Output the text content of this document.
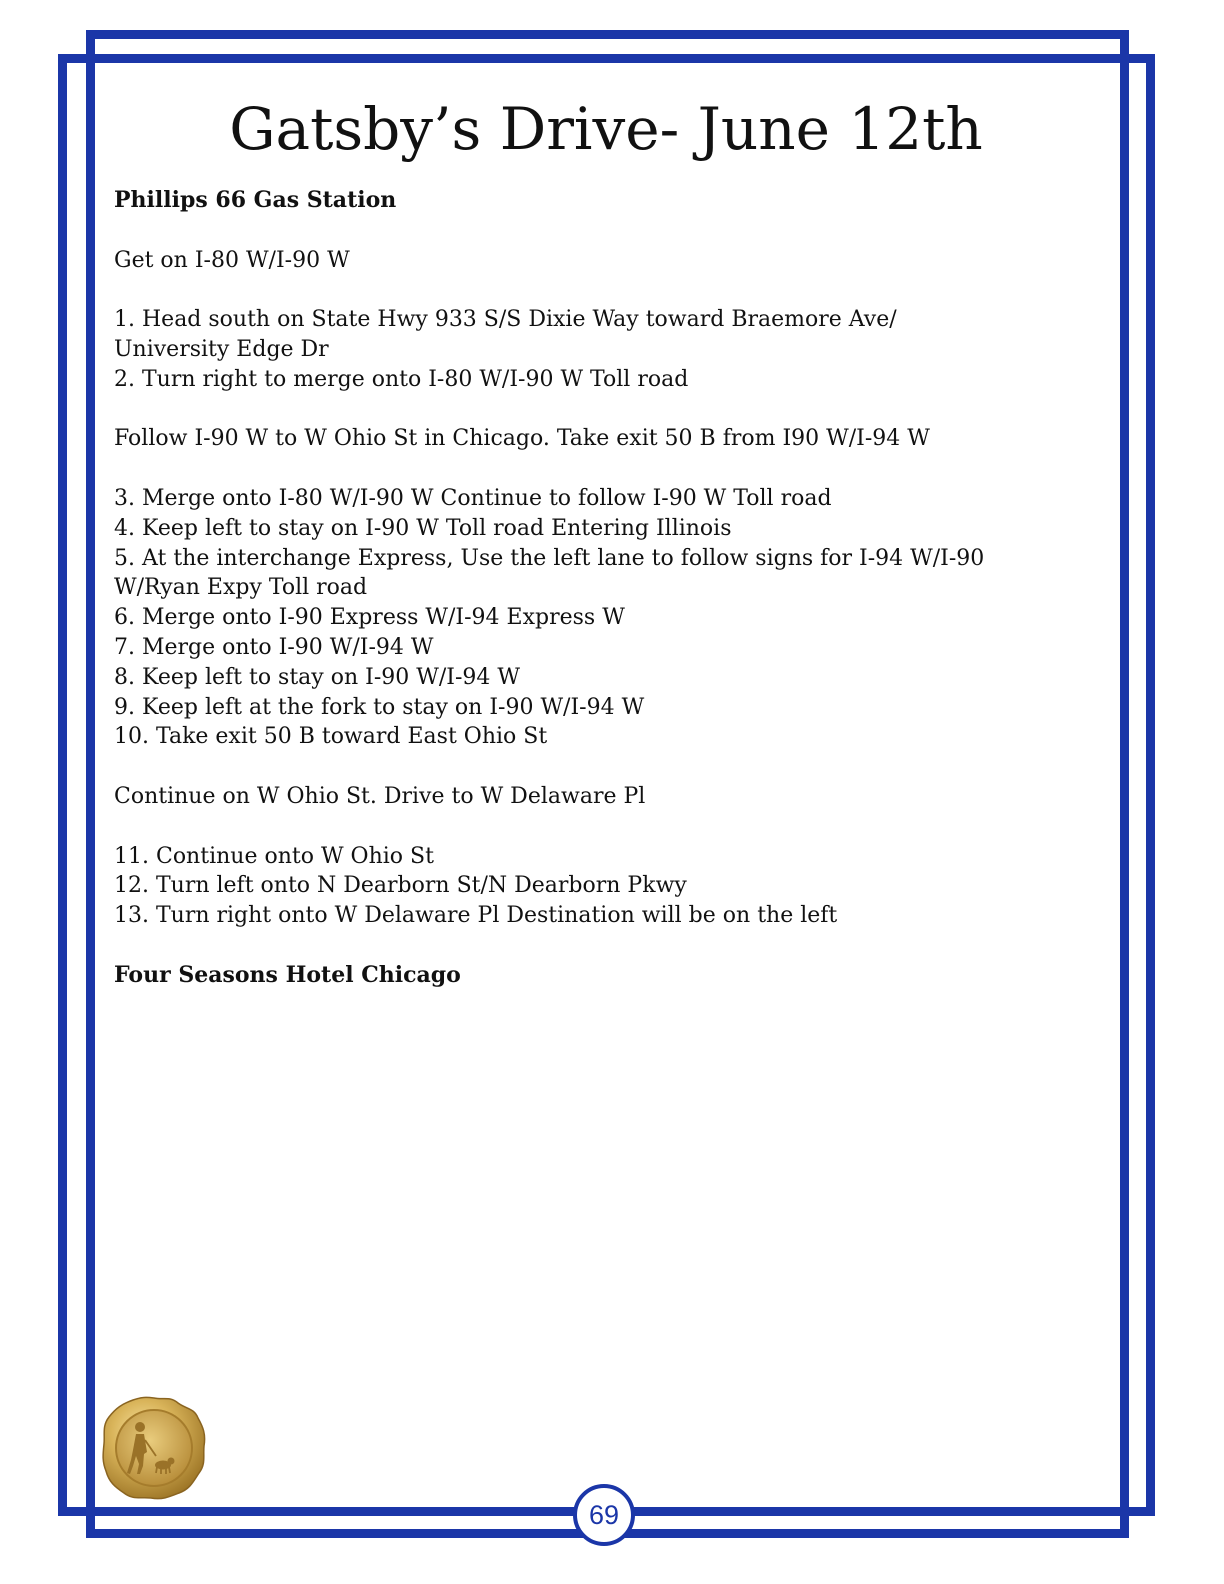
Gatsby’s Drive- June 12th
Phillips 66 Gas Station
Get on I-80 W/I-90 W
1. Head south on State Hwy 933 S/S Dixie Way toward Braemore Ave/
University Edge Dr
2. Turn right to merge onto I-80 W/I-90 W Toll road
Follow I-90 W to W Ohio St in Chicago. Take exit 50 B from I90 W/I-94 W
3. Merge onto I-80 W/I-90 W Continue to follow I-90 W Toll road
4. Keep left to stay on I-90 W Toll road Entering Illinois
5. At the interchange Express, Use the left lane to follow signs for I-94 W/I-90
W/Ryan Expy Toll road
6. Merge onto I-90 Express W/I-94 Express W
7. Merge onto I-90 W/I-94 W
8. Keep left to stay on I-90 W/I-94 W
9. Keep left at the fork to stay on I-90 W/I-94 W
10. Take exit 50 B toward East Ohio St
Continue on W Ohio St. Drive to W Delaware Pl
11. Continue onto W Ohio St
12. Turn left onto N Dearborn St/N Dearborn Pkwy
13. Turn right onto W Delaware Pl Destination will be on the left
Four Seasons Hotel Chicago
69
